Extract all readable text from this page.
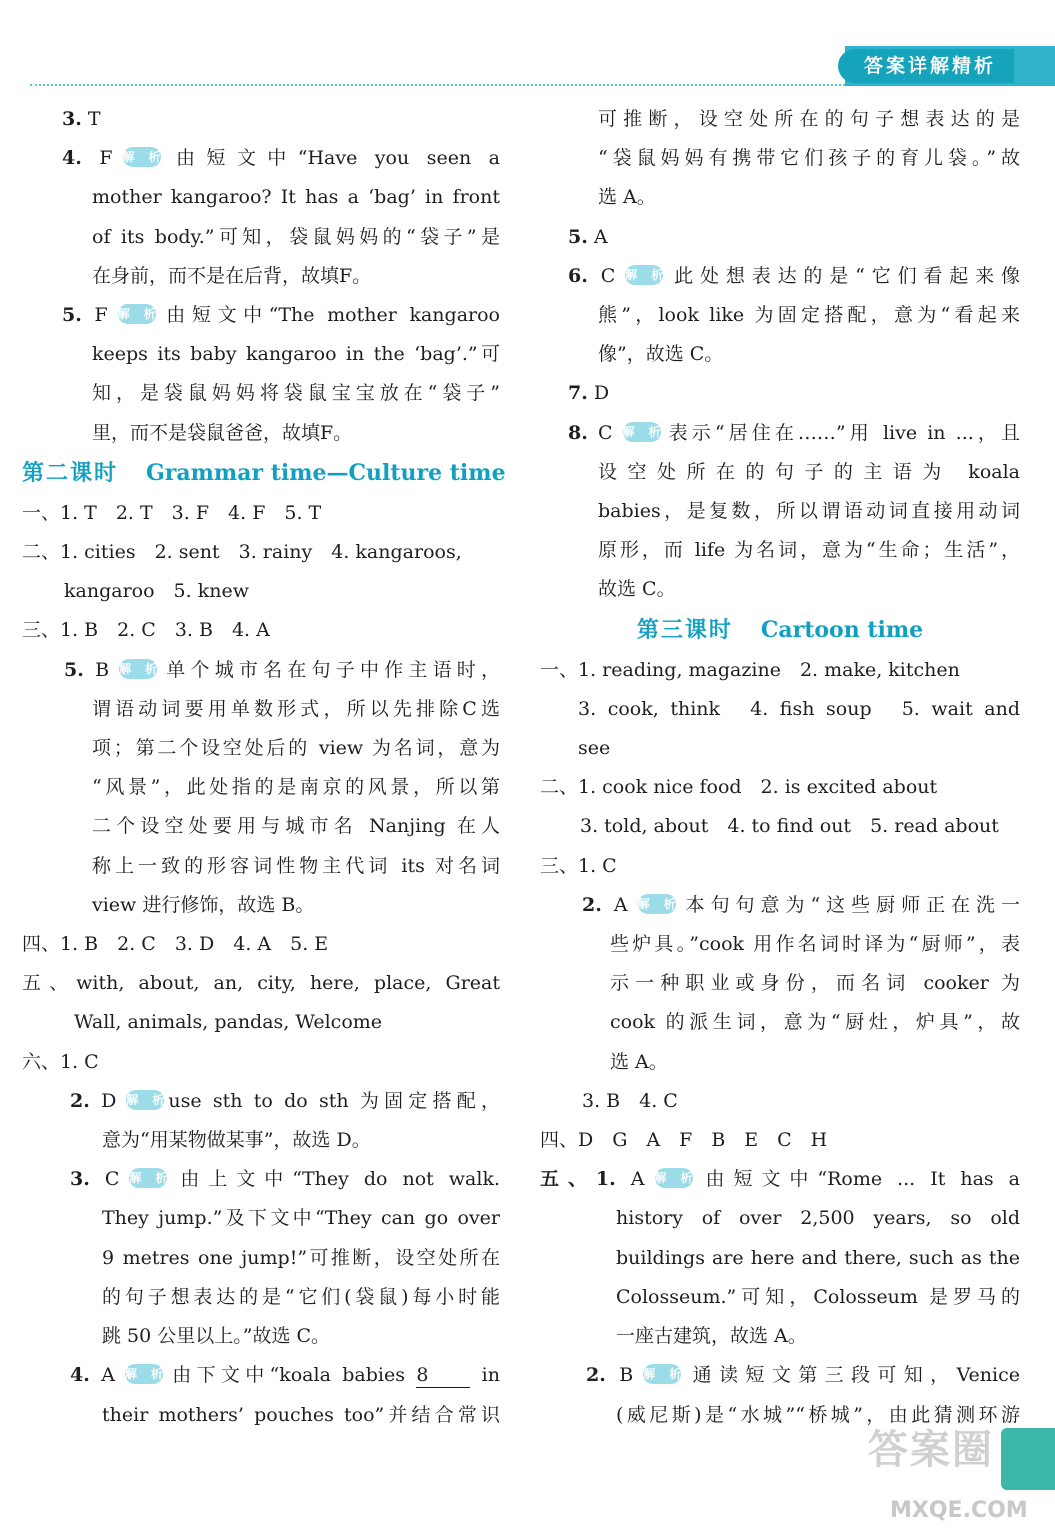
答案详解精析
3. T
4. F 解析 由短文中“Have you seen a
mother kangaroo? It has a ‘bag’ in front
of its body.”可知，袋鼠妈妈的“袋子”是
在身前，而不是在后背，故填F。
5. F 解析 由短文中“The mother kangaroo
keeps its baby kangaroo in the ‘bag’.”可
知，是袋鼠妈妈将袋鼠宝宝放在“袋子”
里，而不是袋鼠爸爸，故填F。
第二课时 Grammar time—Culture time
一、1. T　2. T　3. F　4. F　5. T
二、1. cities　2. sent　3. rainy　4. kangaroos,
kangaroo　5. knew
三、1. B　2. C　3. B　4. A
5. B 解析 单个城市名在句子中作主语时，
谓语动词要用单数形式，所以先排除C选
项；第二个设空处后的 view 为名词，意为
“风景”，此处指的是南京的风景，所以第
二个设空处要用与城市名 Nanjing 在人
称上一致的形容词性物主代词 its 对名词
view 进行修饰，故选 B。
四、1. B　2. C　3. D　4. A　5. E
五、with, about, an, city, here, place, Great
Wall, animals, pandas, Welcome
六、1. C
2. D 解析 use sth to do sth 为固定搭配，
意为“用某物做某事”，故选 D。
3. C 解析 由上文中“They do not walk.
They jump.”及下文中“They can go over
9 metres one jump!”可推断，设空处所在
的句子想表达的是“它们(袋鼠)每小时能
跳 50 公里以上。”故选 C。
4. A 解析 由下文中“koala babies 8 in
their mothers’ pouches too”并结合常识
可推断，设空处所在的句子想表达的是
“袋鼠妈妈有携带它们孩子的育儿袋。”故
选 A。
5. A
6. C 解析 此处想表达的是“它们看起来像
熊”，look like 为固定搭配，意为“看起来
像”，故选 C。
7. D
8. C 解析 表示“居住在……”用 live in ...，且
设空处所在的句子的主语为 koala
babies，是复数，所以谓语动词直接用动词
原形，而 life 为名词，意为“生命；生活”，
故选 C。
第三课时 Cartoon time
一、1. reading, magazine　2. make, kitchen
3. cook, think　4. fish soup　5. wait and
see
二、1. cook nice food　2. is excited about
3. told, about　4. to find out　5. read about
三、1. C
2. A 解析 本句句意为“这些厨师正在洗一
些炉具。”cook 用作名词时译为“厨师”，表
示一种职业或身份，而名词 cooker 为
cook 的派生词，意为“厨灶，炉具”，故
选 A。
3. B　4. C
四、D　G　A　F　B　E　C　H
五、1. A 解析 由短文中“Rome ... It has a
history of over 2,500 years, so old
buildings are here and there, such as the
Colosseum.”可知，Colosseum 是罗马的
一座古建筑，故选 A。
2. B 解析 通读短文第三段可知，Venice
(威尼斯)是“水城”“桥城”，由此猜测环游
答案圈
MXQE.COM
